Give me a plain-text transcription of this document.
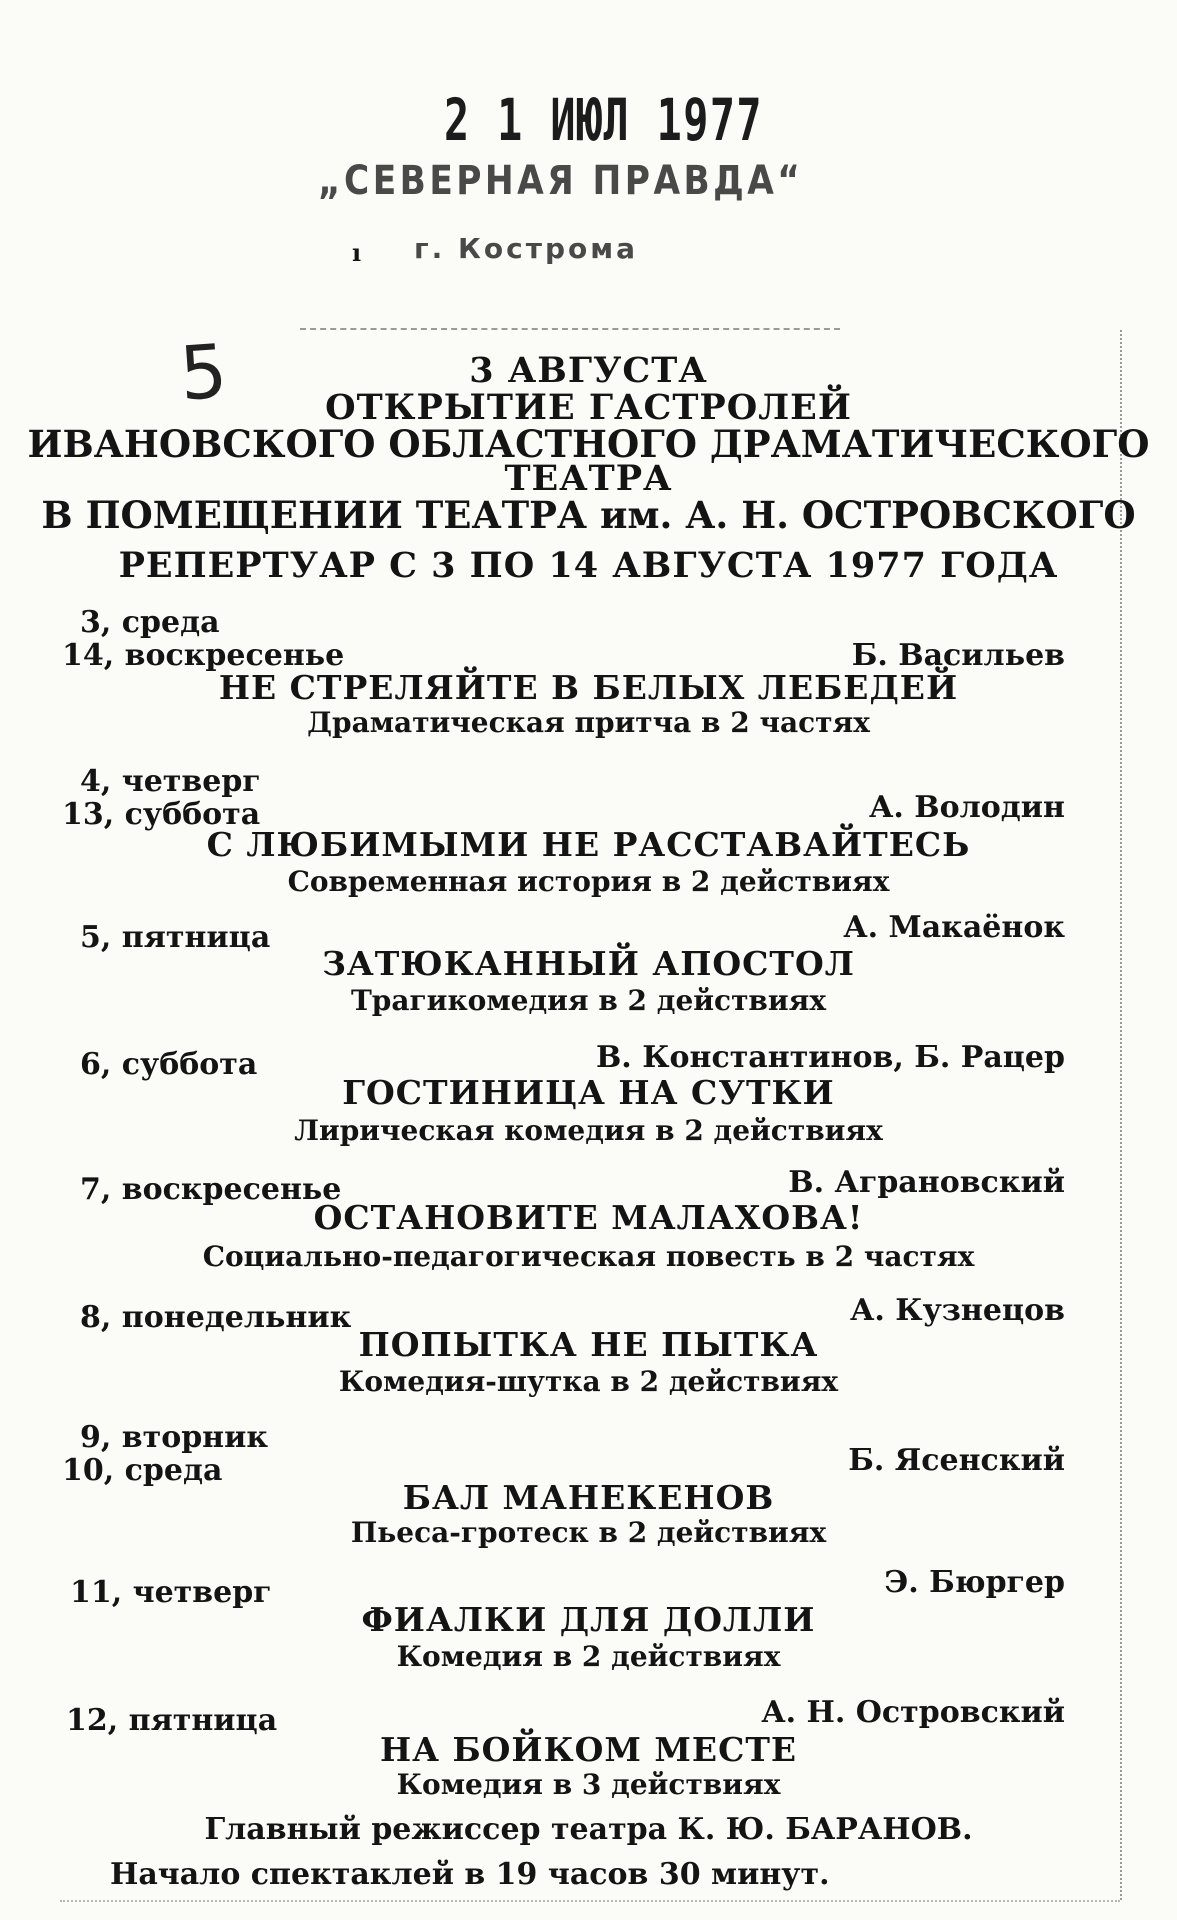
2 1 ИЮЛ 1977
„СЕВЕРНАЯ ПРАВДА“
ı г. Кострома
5	3 АВГУСТА
ОТКРЫТИЕ ГАСТРОЛЕЙ
ИВАНОВСКОГО ОБЛАСТНОГО ДРАМАТИЧЕСКОГО
ТЕАТРА
В ПОМЕЩЕНИИ ТЕАТРА им. А. Н. ОСТРОВСКОГО
РЕПЕРТУАР С 3 ПО 14 АВГУСТА 1977 ГОДА
3, среда
14, воскресенье	Б. Васильев
НЕ СТРЕЛЯЙТЕ В БЕЛЫХ ЛЕБЕДЕЙ
Драматическая притча в 2 частях
4, четверг
13, суббота	А. Володин
С ЛЮБИМЫМИ НЕ РАССТАВАЙТЕСЬ
Современная история в 2 действиях
5, пятница	А. Макаёнок
ЗАТЮКАННЫЙ АПОСТОЛ
Трагикомедия в 2 действиях
6, суббота	В. Константинов, Б. Рацер
ГОСТИНИЦА НА СУТКИ
Лирическая комедия в 2 действиях
7, воскресенье	В. Аграновский
ОСТАНОВИТЕ МАЛАХОВА!
Социально-педагогическая повесть в 2 частях
8, понедельник	А. Кузнецов
ПОПЫТКА НЕ ПЫТКА
Комедия-шутка в 2 действиях
9, вторник
10, среда	Б. Ясенский
БАЛ МАНЕКЕНОВ
Пьеса-гротеск в 2 действиях
11, четверг	Э. Бюргер
ФИАЛКИ ДЛЯ ДОЛЛИ
Комедия в 2 действиях
12, пятница	А. Н. Островский
НА БОЙКОМ МЕСТЕ
Комедия в 3 действиях
Главный режиссер театра К. Ю. БАРАНОВ.
Начало спектаклей в 19 часов 30 минут.
